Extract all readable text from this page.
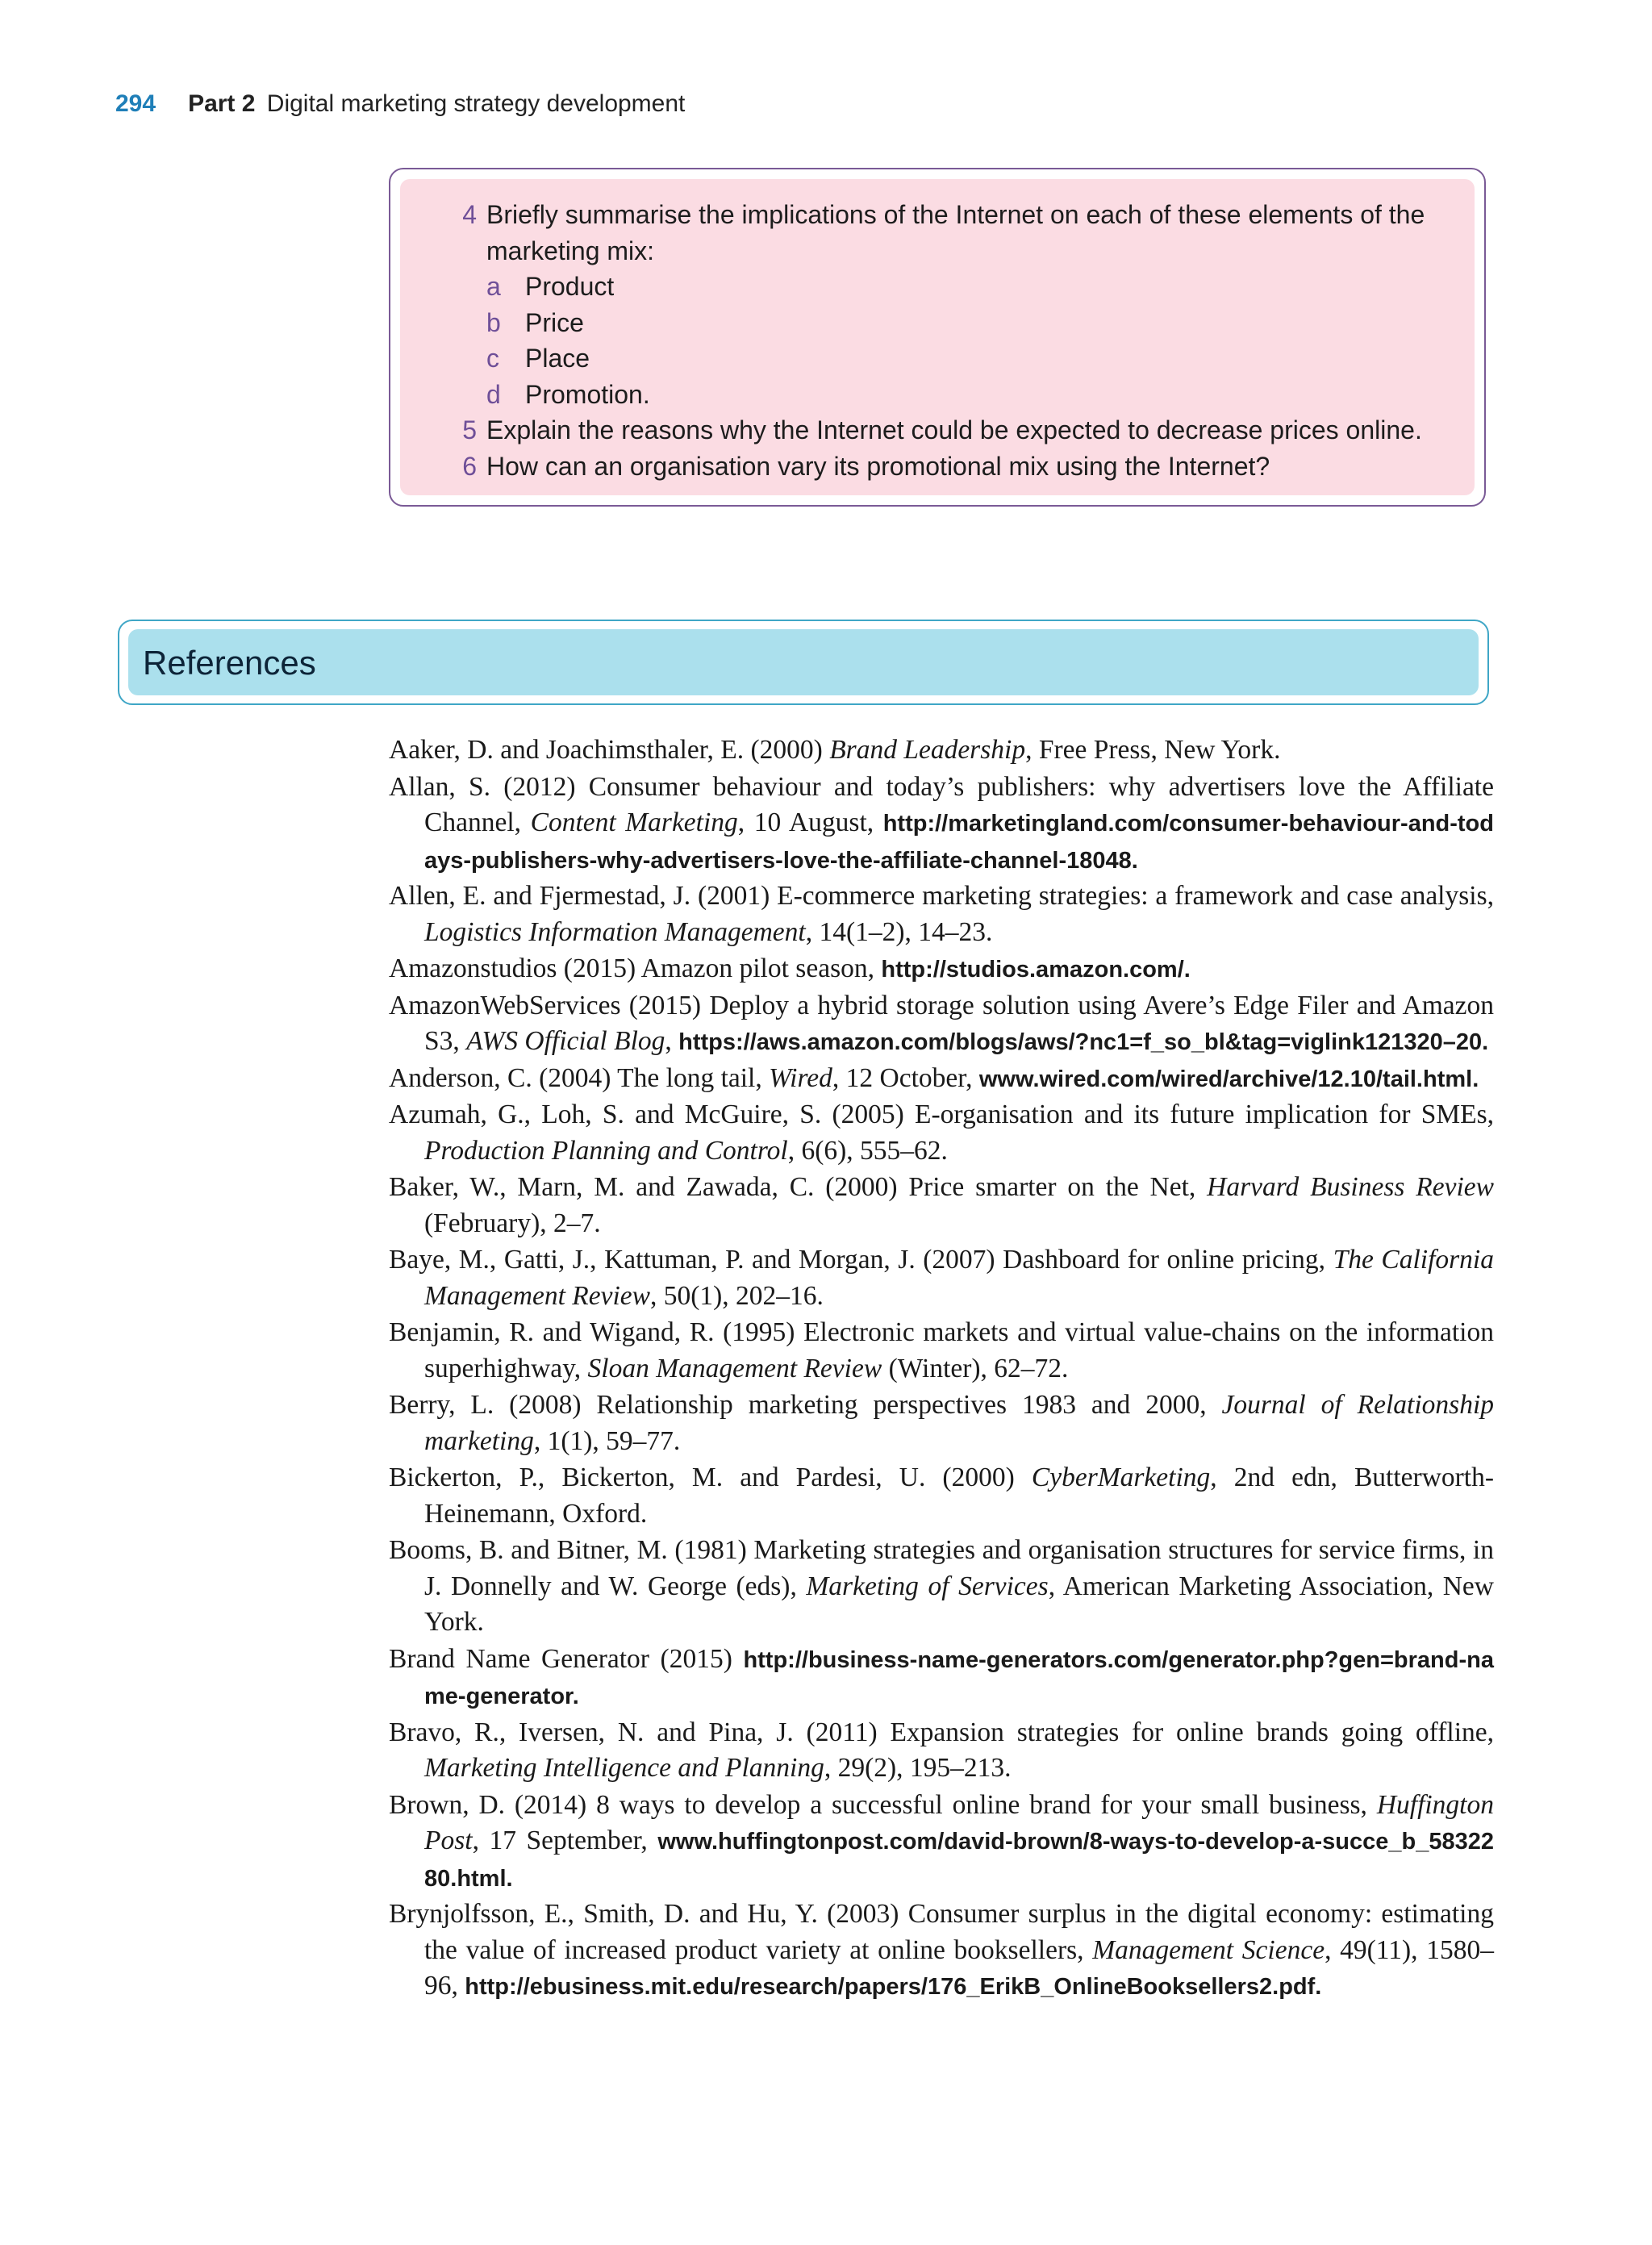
294 Part 2 Digital marketing strategy development
4 Briefly summarise the implications of the Internet on each of these elements of the marketing mix:
a Product
b Price
c Place
d Promotion.
5 Explain the reasons why the Internet could be expected to decrease prices online.
6 How can an organisation vary its promotional mix using the Internet?
References
Aaker, D. and Joachimsthaler, E. (2000) Brand Leadership, Free Press, New York.
Allan, S. (2012) Consumer behaviour and today’s publishers: why advertisers love the Affiliate Channel, Content Marketing, 10 August, http://marketingland.com/consumer-behaviour-and-todays-publishers-why-advertisers-love-the-affiliate-channel-18048.
Allen, E. and Fjermestad, J. (2001) E-commerce marketing strategies: a framework and case analysis, Logistics Information Management, 14(1–2), 14–23.
Amazonstudios (2015) Amazon pilot season, http://studios.amazon.com/.
AmazonWebServices (2015) Deploy a hybrid storage solution using Avere’s Edge Filer and Amazon S3, AWS Official Blog, https://aws.amazon.com/blogs/aws/?nc1=f_so_bl&tag=viglink121320–20.
Anderson, C. (2004) The long tail, Wired, 12 October, www.wired.com/wired/archive/12.10/tail.html.
Azumah, G., Loh, S. and McGuire, S. (2005) E-organisation and its future implication for SMEs, Production Planning and Control, 6(6), 555–62.
Baker, W., Marn, M. and Zawada, C. (2000) Price smarter on the Net, Harvard Business Review (February), 2–7.
Baye, M., Gatti, J., Kattuman, P. and Morgan, J. (2007) Dashboard for online pricing, The California Management Review, 50(1), 202–16.
Benjamin, R. and Wigand, R. (1995) Electronic markets and virtual value-chains on the information superhighway, Sloan Management Review (Winter), 62–72.
Berry, L. (2008) Relationship marketing perspectives 1983 and 2000, Journal of Relationship marketing, 1(1), 59–77.
Bickerton, P., Bickerton, M. and Pardesi, U. (2000) CyberMarketing, 2nd edn, Butterworth-Heinemann, Oxford.
Booms, B. and Bitner, M. (1981) Marketing strategies and organisation structures for service firms, in J. Donnelly and W. George (eds), Marketing of Services, American Marketing Association, New York.
Brand Name Generator (2015) http://business-name-generators.com/generator.php?gen=brand-name-generator.
Bravo, R., Iversen, N. and Pina, J. (2011) Expansion strategies for online brands going offline, Marketing Intelligence and Planning, 29(2), 195–213.
Brown, D. (2014) 8 ways to develop a successful online brand for your small business, Huffington Post, 17 September, www.huffingtonpost.com/david-brown/8-ways-to-develop-a-succe_b_5832280.html.
Brynjolfsson, E., Smith, D. and Hu, Y. (2003) Consumer surplus in the digital economy: estimating the value of increased product variety at online booksellers, Management Science, 49(11), 1580–96, http://ebusiness.mit.edu/research/papers/176_ErikB_OnlineBooksellers2.pdf.
